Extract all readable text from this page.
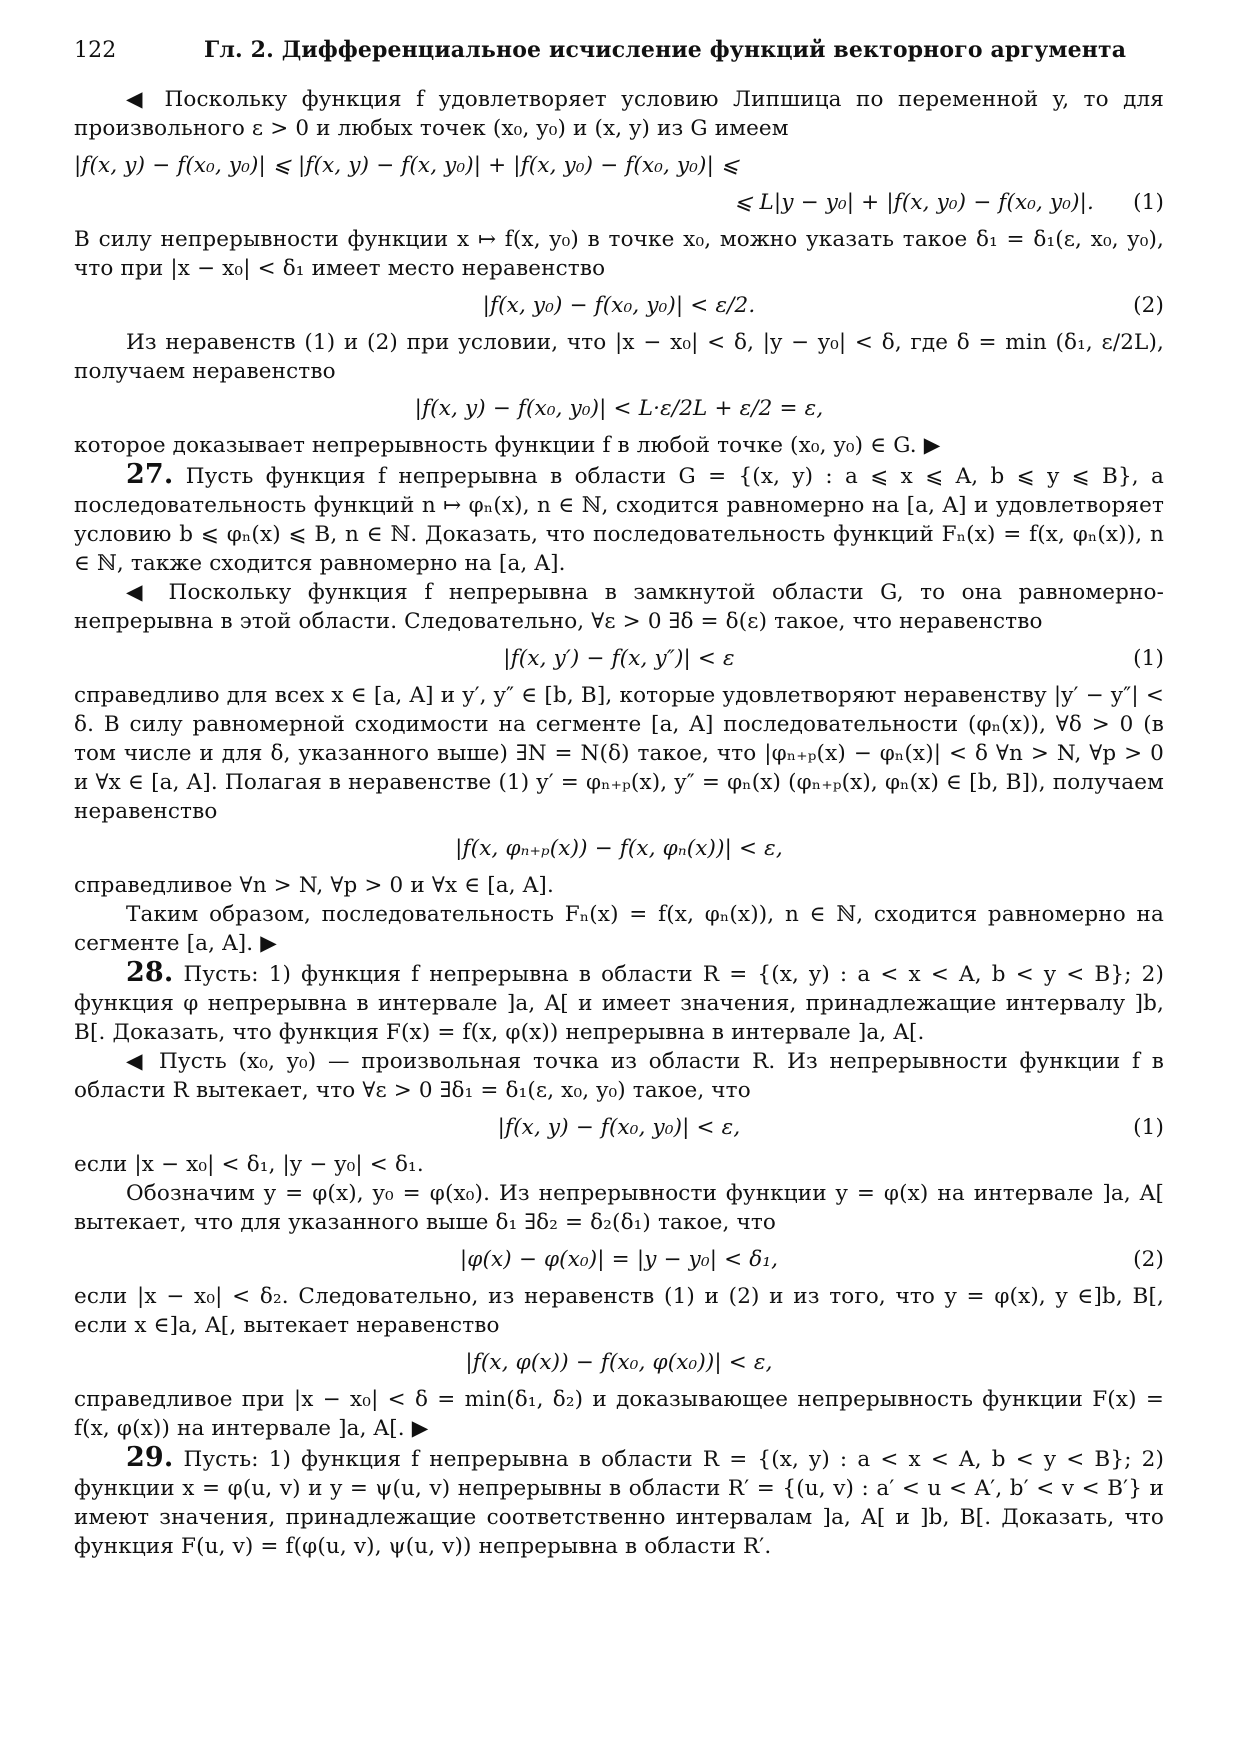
122	Гл. 2. Дифференциальное исчисление функций векторного аргумента

◀ Поскольку функция f удовлетворяет условию Липшица по переменной y, то для произвольного ε > 0 и любых точек (x₀, y₀) и (x, y) из G имеем

|f(x, y) − f(x₀, y₀)| ⩽ |f(x, y) − f(x, y₀)| + |f(x, y₀) − f(x₀, y₀)| ⩽
⩽ L|y − y₀| + |f(x, y₀) − f(x₀, y₀)|. (1)

В силу непрерывности функции x ↦ f(x, y₀) в точке x₀, можно указать такое δ₁ = δ₁(ε, x₀, y₀), что при |x − x₀| < δ₁ имеет место неравенство

|f(x, y₀) − f(x₀, y₀)| < ε/2.	(2)

Из неравенств (1) и (2) при условии, что |x − x₀| < δ, |y − y₀| < δ, где δ = min (δ₁, ε/2L), получаем неравенство

|f(x, y) − f(x₀, y₀)| < L·ε/2L + ε/2 = ε,

которое доказывает непрерывность функции f в любой точке (x₀, y₀) ∈ G. ▶

27. Пусть функция f непрерывна в области G = {(x, y) : a ⩽ x ⩽ A, b ⩽ y ⩽ B}, а последовательность функций n ↦ φₙ(x), n ∈ ℕ, сходится равномерно на [a, A] и удовлетворяет условию b ⩽ φₙ(x) ⩽ B, n ∈ ℕ. Доказать, что последовательность функций Fₙ(x) = f(x, φₙ(x)), n ∈ ℕ, также сходится равномерно на [a, A].

◀ Поскольку функция f непрерывна в замкнутой области G, то она равномерно-непрерывна в этой области. Следовательно, ∀ε > 0 ∃δ = δ(ε) такое, что неравенство

|f(x, y′) − f(x, y″)| < ε	(1)

справедливо для всех x ∈ [a, A] и y′, y″ ∈ [b, B], которые удовлетворяют неравенству |y′ − y″| < δ. В силу равномерной сходимости на сегменте [a, A] последовательности (φₙ(x)), ∀δ > 0 (в том числе и для δ, указанного выше) ∃N = N(δ) такое, что |φₙ₊ₚ(x) − φₙ(x)| < δ ∀n > N, ∀p > 0 и ∀x ∈ [a, A]. Полагая в неравенстве (1) y′ = φₙ₊ₚ(x), y″ = φₙ(x) (φₙ₊ₚ(x), φₙ(x) ∈ [b, B]), получаем неравенство

|f(x, φₙ₊ₚ(x)) − f(x, φₙ(x))| < ε,

справедливое ∀n > N, ∀p > 0 и ∀x ∈ [a, A].

Таким образом, последовательность Fₙ(x) = f(x, φₙ(x)), n ∈ ℕ, сходится равномерно на сегменте [a, A]. ▶

28. Пусть: 1) функция f непрерывна в области R = {(x, y) : a < x < A, b < y < B}; 2) функция φ непрерывна в интервале ]a, A[ и имеет значения, принадлежащие интервалу ]b, B[. Доказать, что функция F(x) = f(x, φ(x)) непрерывна в интервале ]a, A[.

◀ Пусть (x₀, y₀) — произвольная точка из области R. Из непрерывности функции f в области R вытекает, что ∀ε > 0 ∃δ₁ = δ₁(ε, x₀, y₀) такое, что

|f(x, y) − f(x₀, y₀)| < ε,	(1)

если |x − x₀| < δ₁, |y − y₀| < δ₁.

Обозначим y = φ(x), y₀ = φ(x₀). Из непрерывности функции y = φ(x) на интервале ]a, A[ вытекает, что для указанного выше δ₁ ∃δ₂ = δ₂(δ₁) такое, что

|φ(x) − φ(x₀)| = |y − y₀| < δ₁,	(2)

если |x − x₀| < δ₂. Следовательно, из неравенств (1) и (2) и из того, что y = φ(x), y ∈]b, B[, если x ∈]a, A[, вытекает неравенство

|f(x, φ(x)) − f(x₀, φ(x₀))| < ε,

справедливое при |x − x₀| < δ = min(δ₁, δ₂) и доказывающее непрерывность функции F(x) = f(x, φ(x)) на интервале ]a, A[. ▶

29. Пусть: 1) функция f непрерывна в области R = {(x, y) : a < x < A, b < y < B}; 2) функции x = φ(u, v) и y = ψ(u, v) непрерывны в области R′ = {(u, v) : a′ < u < A′, b′ < v < B′} и имеют значения, принадлежащие соответственно интервалам ]a, A[ и ]b, B[. Доказать, что функция F(u, v) = f(φ(u, v), ψ(u, v)) непрерывна в области R′.
